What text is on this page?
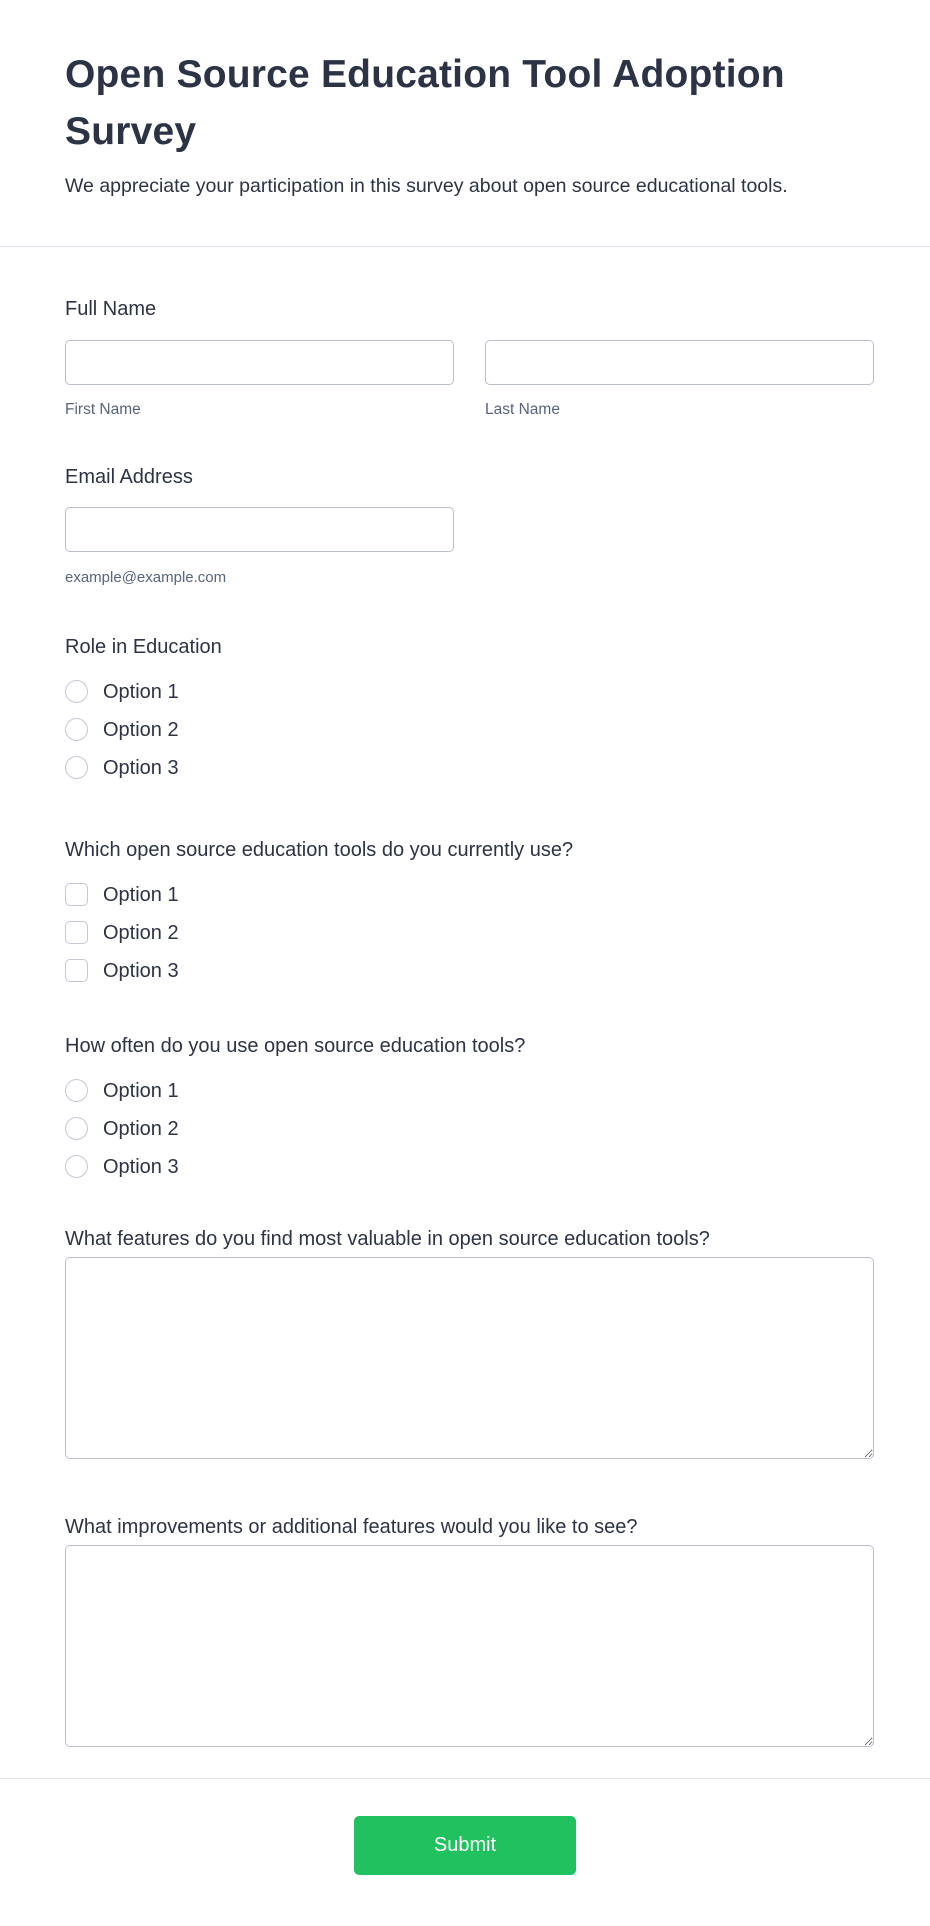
Open Source Education Tool Adoption Survey

We appreciate your participation in this survey about open source educational tools.

Full Name
First Name	Last Name
Email Address
example@example.com
Role in Education
Option 1
Option 2
Option 3
Which open source education tools do you currently use?
Option 1
Option 2
Option 3
How often do you use open source education tools?
Option 1
Option 2
Option 3
What features do you find most valuable in open source education tools?
What improvements or additional features would you like to see?
Submit
